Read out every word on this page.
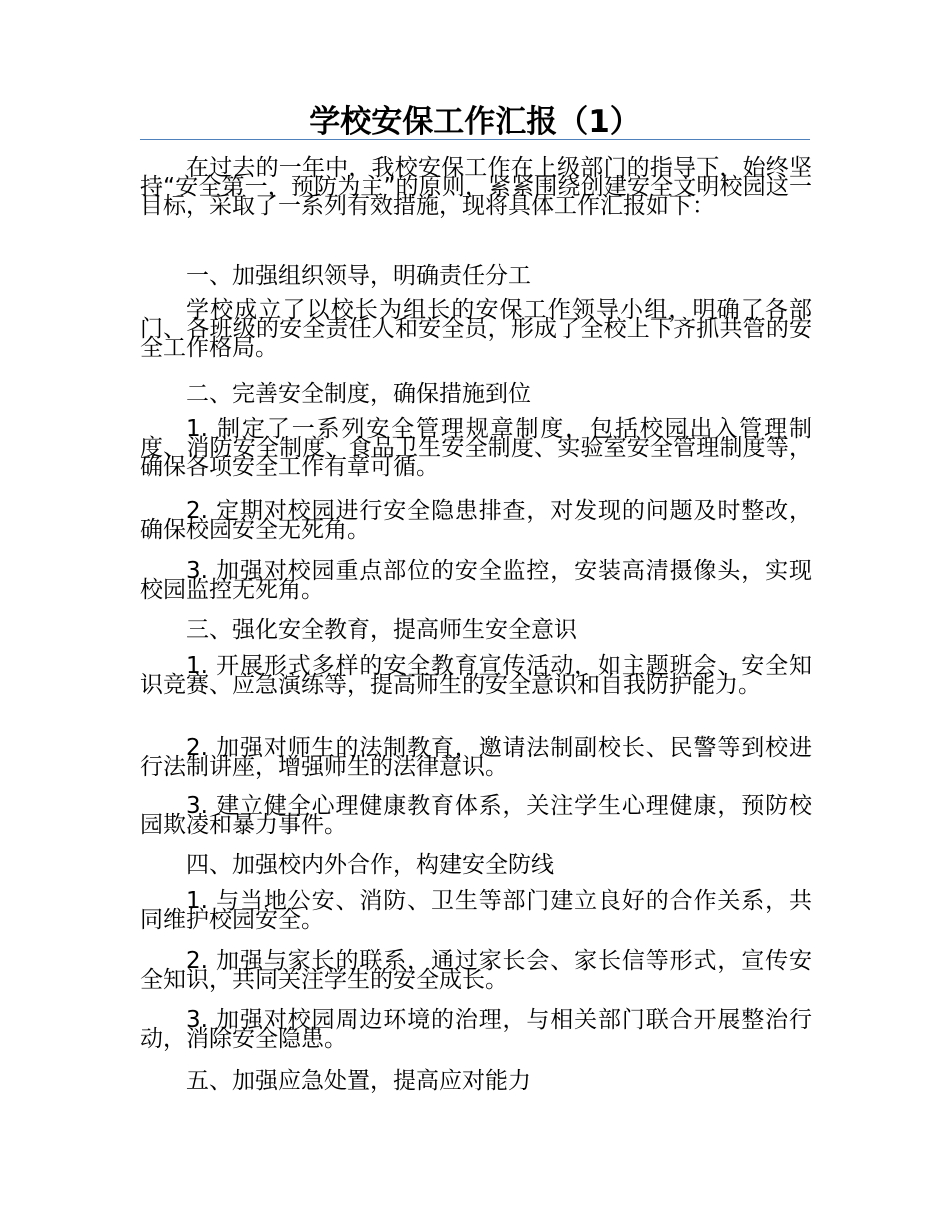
学校安保工作汇报（1）

在过去的一年中，我校安保工作在上级部门的指导下，始终坚持“安全第一，预防为主”的原则，紧紧围绕创建安全文明校园这一目标，采取了一系列有效措施，现将具体工作汇报如下：

一、加强组织领导，明确责任分工

学校成立了以校长为组长的安保工作领导小组，明确了各部门、各班级的安全责任人和安全员，形成了全校上下齐抓共管的安全工作格局。

二、完善安全制度，确保措施到位

1. 制定了一系列安全管理规章制度，包括校园出入管理制度、消防安全制度、食品卫生安全制度、实验室安全管理制度等，确保各项安全工作有章可循。

2. 定期对校园进行安全隐患排查，对发现的问题及时整改，确保校园安全无死角。

3. 加强对校园重点部位的安全监控，安装高清摄像头，实现校园监控无死角。

三、强化安全教育，提高师生安全意识

1. 开展形式多样的安全教育宣传活动，如主题班会、安全知识竞赛、应急演练等，提高师生的安全意识和自我防护能力。

2. 加强对师生的法制教育，邀请法制副校长、民警等到校进行法制讲座，增强师生的法律意识。

3. 建立健全心理健康教育体系，关注学生心理健康，预防校园欺凌和暴力事件。

四、加强校内外合作，构建安全防线

1. 与当地公安、消防、卫生等部门建立良好的合作关系，共同维护校园安全。

2. 加强与家长的联系，通过家长会、家长信等形式，宣传安全知识，共同关注学生的安全成长。

3. 加强对校园周边环境的治理，与相关部门联合开展整治行动，消除安全隐患。

五、加强应急处置，提高应对能力
